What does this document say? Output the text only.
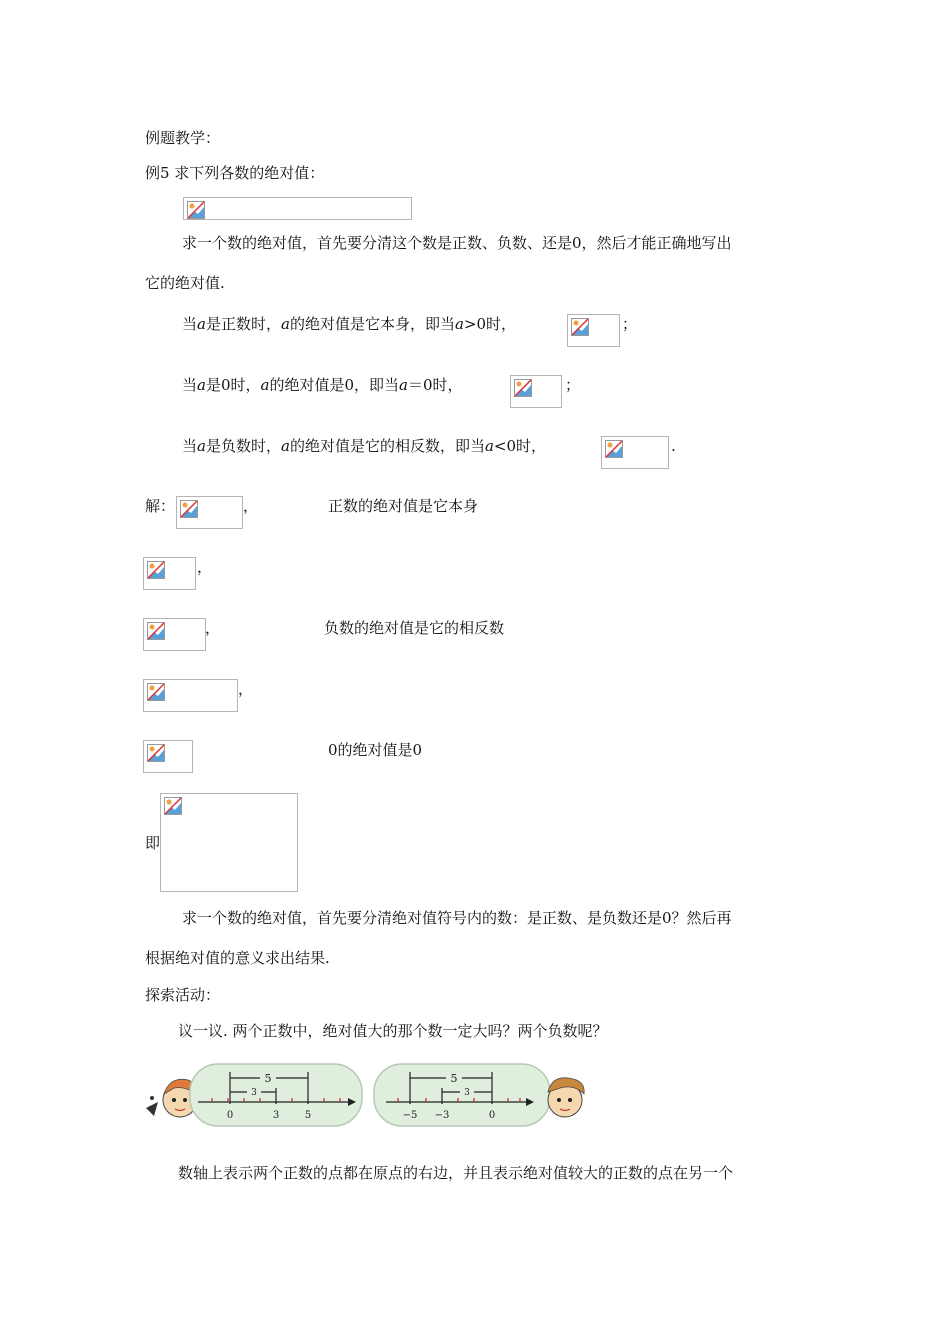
例题教学：
例5 求下列各数的绝对值：
求一个数的绝对值，首先要分清这个数是正数、负数、还是0，然后才能正确地写出
它的绝对值.
当a是正数时，a的绝对值是它本身，即当a>0时，	；
当a是0时，a的绝对值是0，即当a＝0时，	；
当a是负数时，a的绝对值是它的相反数，即当a<0时，	.
解：	，	正数的绝对值是它本身
，
，	负数的绝对值是它的相反数
，
0的绝对值是0
即
求一个数的绝对值，首先要分清绝对值符号内的数：是正数、是负数还是0？然后再
根据绝对值的意义求出结果.
探索活动：
议一议. 两个正数中，绝对值大的那个数一定大吗？两个负数呢？
5
3
0	3	5
5
3
−5 −3	0
数轴上表示两个正数的点都在原点的右边，并且表示绝对值较大的正数的点在另一个
